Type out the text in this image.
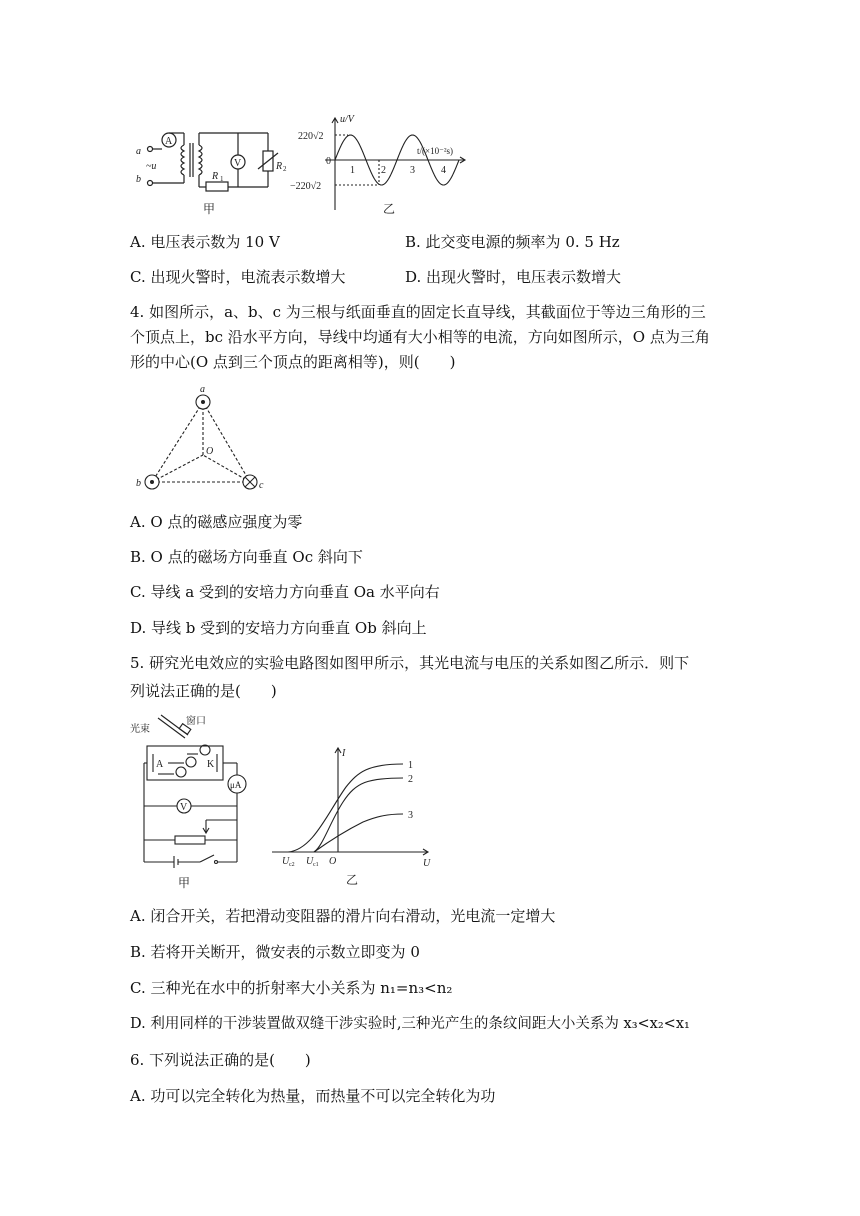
A
V
a
b
~u
R 1
R 2
甲
u/V
t/(×10⁻²s)
220√2
−220√2
0
1	2 3	4
乙
A. 电压表示数为 10 V	B. 此交变电源的频率为 0. 5 Hz
C. 出现火警时，电流表示数增大	D. 出现火警时，电压表示数增大
4. 如图所示，a、b、c 为三根与纸面垂直的固定长直导线，其截面位于等边三角形的三
个顶点上，bc 沿水平方向，导线中均通有大小相等的电流，方向如图所示，O 点为三角
形的中心(O 点到三个顶点的距离相等)，则(　　)
a
b	c
O
A. O 点的磁感应强度为零
B. O 点的磁场方向垂直 Oc 斜向下
C. 导线 a 受到的安培力方向垂直 Oa 水平向右
D. 导线 b 受到的安培力方向垂直 Ob 斜向上
5. 研究光电效应的实验电路图如图甲所示，其光电流与电压的关系如图乙所示．则下
列说法正确的是(　　)
光束
窗口
A	K
μA
V
甲
I
U
O
U c2 U c1
1
2
3
乙
A. 闭合开关，若把滑动变阻器的滑片向右滑动，光电流一定增大
B. 若将开关断开，微安表的示数立即变为 0
C. 三种光在水中的折射率大小关系为 n₁=n₃<n₂
D. 利用同样的干涉装置做双缝干涉实验时,三种光产生的条纹间距大小关系为 x₃<x₂<x₁
6. 下列说法正确的是(　　)
A. 功可以完全转化为热量，而热量不可以完全转化为功
